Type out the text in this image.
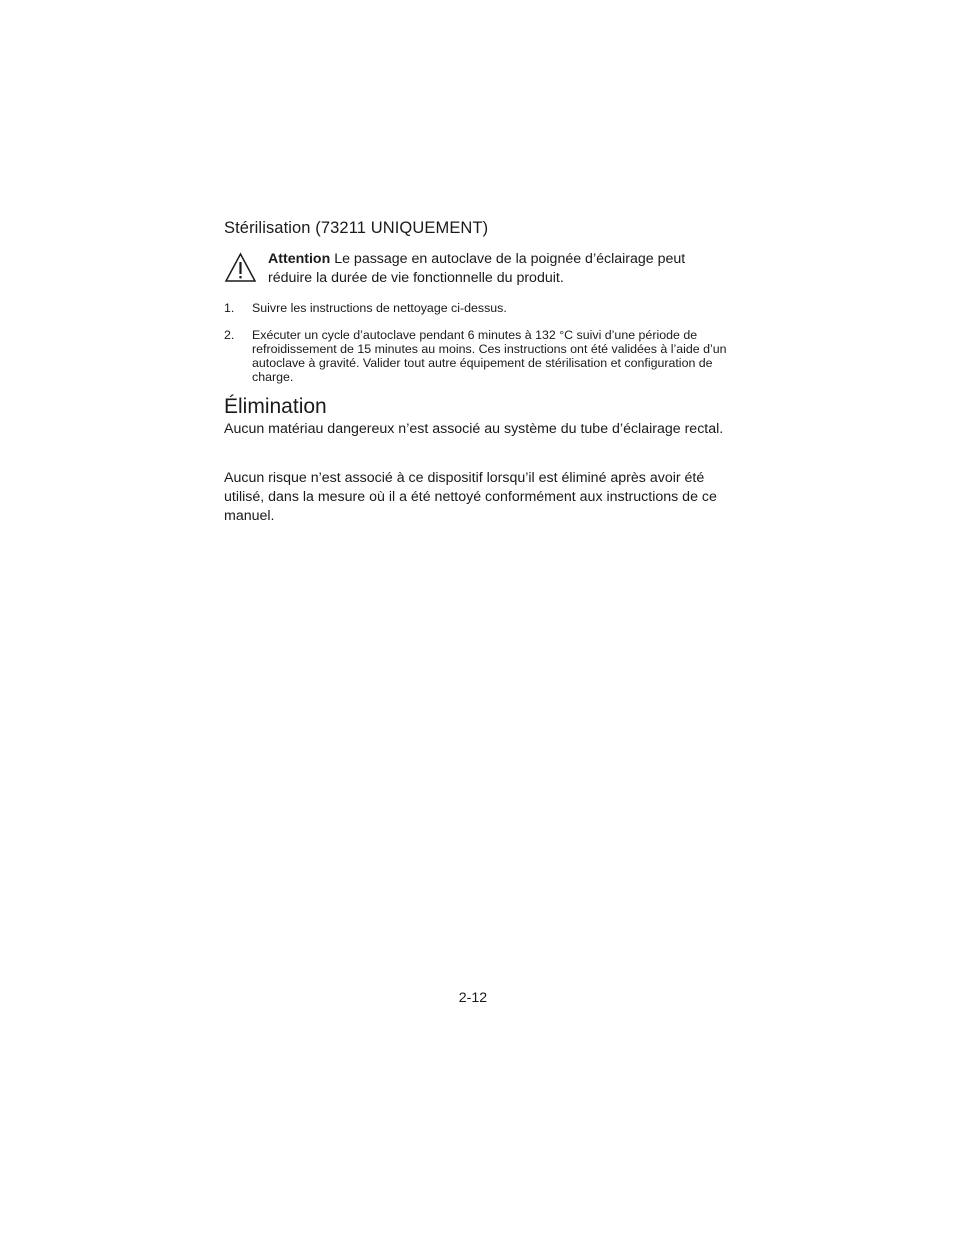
Stérilisation (73211 UNIQUEMENT)

Attention Le passage en autoclave de la poignée d’éclairage peut réduire la durée de vie fonctionnelle du produit.

1. Suivre les instructions de nettoyage ci-dessus.
2. Exécuter un cycle d’autoclave pendant 6 minutes à 132 °C suivi d’une période de refroidissement de 15 minutes au moins. Ces instructions ont été validées à l’aide d’un autoclave à gravité. Valider tout autre équipement de stérilisation et configuration de charge.
Élimination

Aucun matériau dangereux n’est associé au système du tube d’éclairage rectal.

Aucun risque n’est associé à ce dispositif lorsqu’il est éliminé après avoir été utilisé, dans la mesure où il a été nettoyé conformément aux instructions de ce manuel.

2-12
